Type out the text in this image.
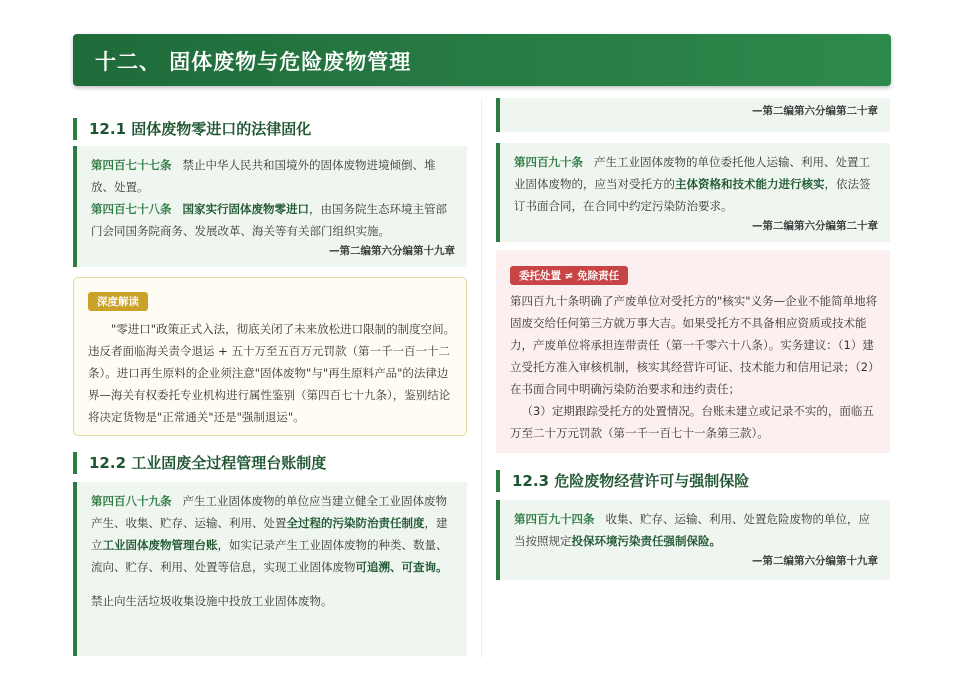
十二、 固体废物与危险废物管理
12.1 固体废物零进口的法律固化

第四百七十七条 禁止中华人民共和国境外的固体废物进境倾倒、堆放、处置。

第四百七十八条 国家实行固体废物零进口，由国务院生态环境主管部门会同国务院商务、发展改革、海关等有关部门组织实施。

—第二编第六分编第十九章

深度解读

"零进口"政策正式入法，彻底关闭了未来放松进口限制的制度空间。违反者面临海关责令退运 + 五十万至五百万元罚款（第一千一百一十二条）。进口再生原料的企业须注意"固体废物"与"再生原料产品"的法律边界—海关有权委托专业机构进行属性鉴别（第四百七十九条），鉴别结论将决定货物是"正常通关"还是"强制退运"。

12.2 工业固废全过程管理台账制度

第四百八十九条 产生工业固体废物的单位应当建立健全工业固体废物产生、收集、贮存、运输、利用、处置全过程的污染防治责任制度，建立工业固体废物管理台账，如实记录产生工业固体废物的种类、数量、流向、贮存、利用、处置等信息，实现工业固体废物可追溯、可查询。

禁止向生活垃圾收集设施中投放工业固体废物。

—第二编第六分编第二十章

第四百九十条 产生工业固体废物的单位委托他人运输、利用、处置工业固体废物的，应当对受托方的主体资格和技术能力进行核实，依法签订书面合同，在合同中约定污染防治要求。

—第二编第六分编第二十章

委托处置 ≠ 免除责任

第四百九十条明确了产废单位对受托方的"核实"义务—企业不能简单地将固废交给任何第三方就万事大吉。如果受托方不具备相应资质或技术能力，产废单位将承担连带责任（第一千零六十八条）。实务建议：（1）建立受托方准入审核机制，核实其经营许可证、技术能力和信用记录；（2）在书面合同中明确污染防治要求和违约责任；

（3）定期跟踪受托方的处置情况。台账未建立或记录不实的，面临五万至二十万元罚款（第一千一百七十一条第三款）。

12.3 危险废物经营许可与强制保险

第四百九十四条 收集、贮存、运输、利用、处置危险废物的单位，应当按照规定投保环境污染责任强制保险。

—第二编第六分编第十九章
